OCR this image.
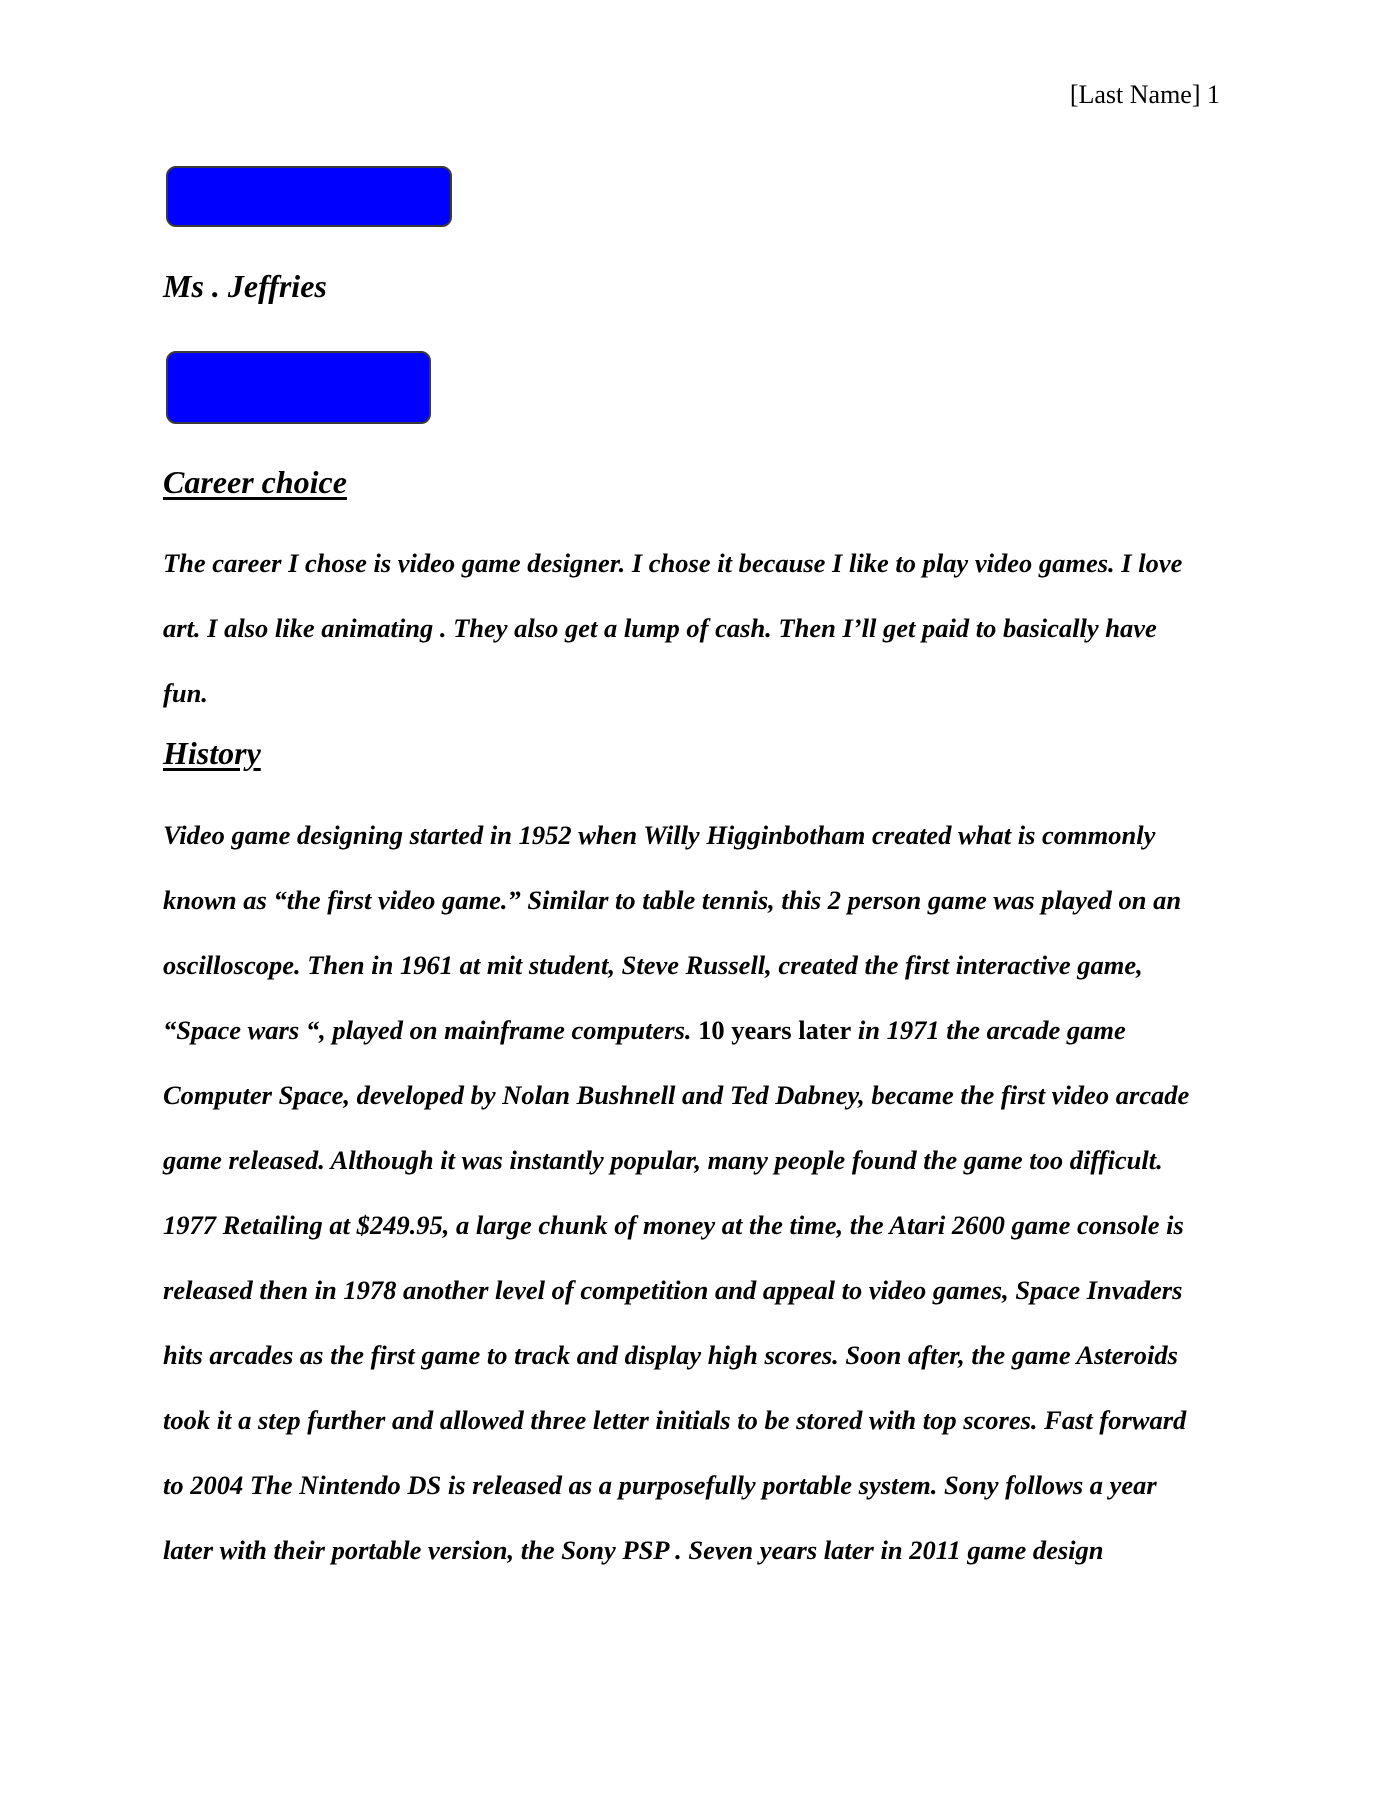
[Last Name] 1
Ms . Jeffries
Career choice
The career I chose is video game designer. I chose it because I like to play video games. I love
art. I also like animating . They also get a lump of cash. Then I’ll get paid to basically have
fun.
History
Video game designing started in 1952 when Willy Higginbotham created what is commonly
known as “the first video game.” Similar to table tennis, this 2 person game was played on an
oscilloscope. Then in 1961 at mit student, Steve Russell, created the first interactive game,
“Space wars “, played on mainframe computers. 10 years later in 1971 the arcade game
Computer Space, developed by Nolan Bushnell and Ted Dabney, became the first video arcade
game released. Although it was instantly popular, many people found the game too difficult.
1977 Retailing at $249.95, a large chunk of money at the time, the Atari 2600 game console is
released then in 1978 another level of competition and appeal to video games, Space Invaders
hits arcades as the first game to track and display high scores. Soon after, the game Asteroids
took it a step further and allowed three letter initials to be stored with top scores. Fast forward
to 2004 The Nintendo DS is released as a purposefully portable system. Sony follows a year
later with their portable version, the Sony PSP . Seven years later in 2011 game design
